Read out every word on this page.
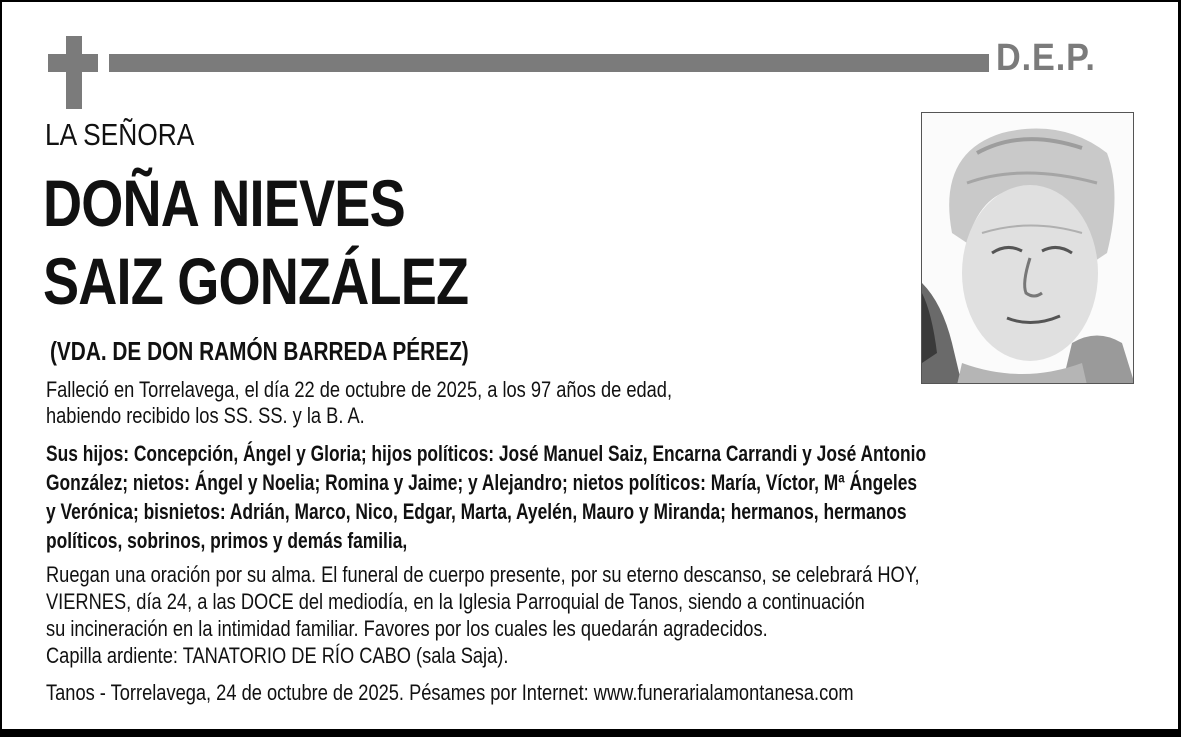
D.E.P.
LA SEÑORA
DOÑA NIEVES
SAIZ GONZÁLEZ
(VDA. DE DON RAMÓN BARREDA PÉREZ)
Falleció en Torrelavega, el día 22 de octubre de 2025, a los 97 años de edad,
habiendo recibido los SS. SS. y la B. A.
Sus hijos: Concepción, Ángel y Gloria; hijos políticos: José Manuel Saiz, Encarna Carrandi y José Antonio
González; nietos: Ángel y Noelia; Romina y Jaime; y Alejandro; nietos políticos: María, Víctor, Mª Ángeles
y Verónica; bisnietos: Adrián, Marco, Nico, Edgar, Marta, Ayelén, Mauro y Miranda; hermanos, hermanos
políticos, sobrinos, primos y demás familia,
Ruegan una oración por su alma. El funeral de cuerpo presente, por su eterno descanso, se celebrará HOY,
VIERNES, día 24, a las DOCE del mediodía, en la Iglesia Parroquial de Tanos, siendo a continuación
su incineración en la intimidad familiar. Favores por los cuales les quedarán agradecidos.
Capilla ardiente: TANATORIO DE RÍO CABO (sala Saja).
Tanos - Torrelavega, 24 de octubre de 2025. Pésames por Internet: www.funerarialamontanesa.com
